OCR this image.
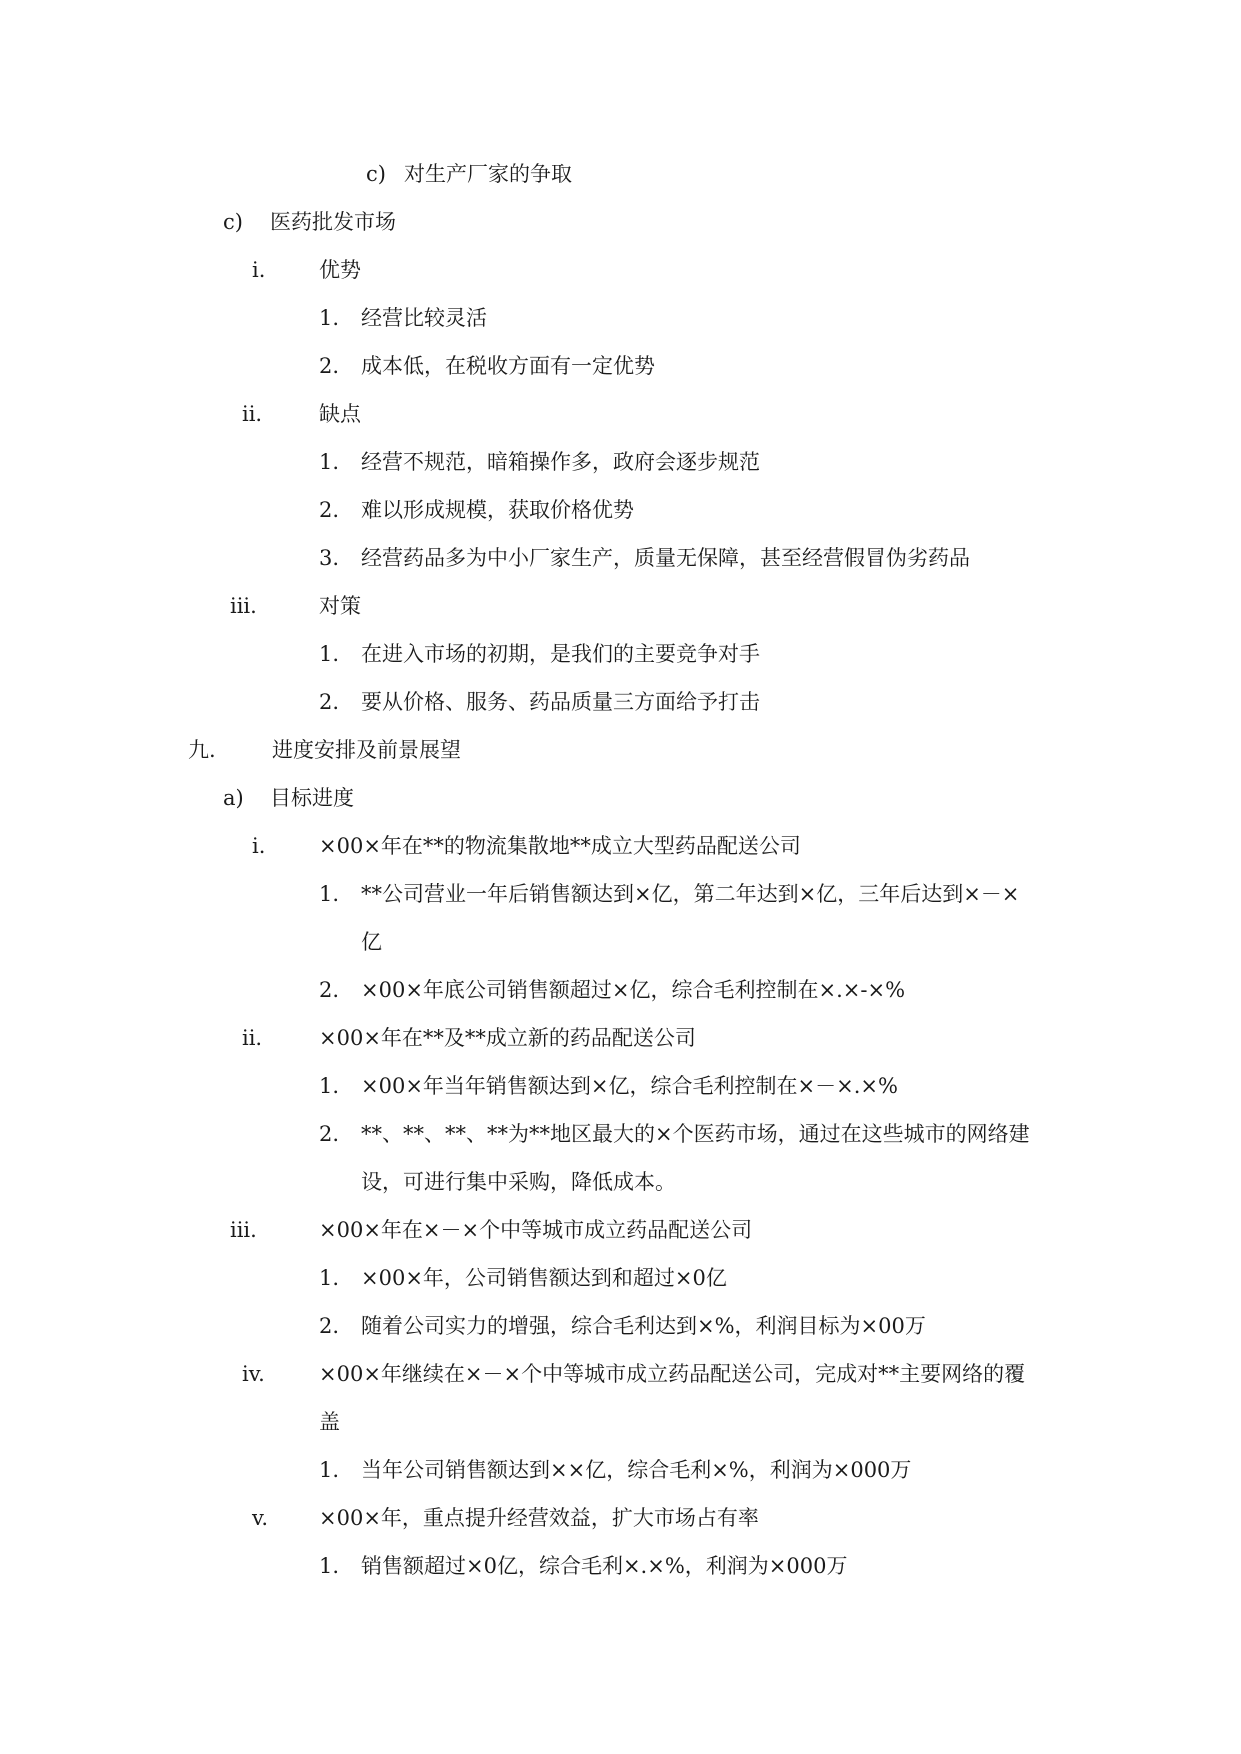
c) 对生产厂家的争取
c) 医药批发市场
i.	优势
1. 经营比较灵活
2. 成本低，在税收方面有一定优势
ii.	缺点
1. 经营不规范，暗箱操作多，政府会逐步规范
2. 难以形成规模，获取价格优势
3. 经营药品多为中小厂家生产，质量无保障，甚至经营假冒伪劣药品
iii.	对策
1. 在进入市场的初期，是我们的主要竞争对手
2. 要从价格、服务、药品质量三方面给予打击
九.	进度安排及前景展望
a) 目标进度
i.	×00×年在**的物流集散地**成立大型药品配送公司
1. **公司营业一年后销售额达到×亿，第二年达到×亿，三年后达到×－×
亿
2. ×00×年底公司销售额超过×亿，综合毛利控制在×.×-×%
ii.	×00×年在**及**成立新的药品配送公司
1. ×00×年当年销售额达到×亿，综合毛利控制在×－×.×%
2. **、**、**、**为**地区最大的×个医药市场，通过在这些城市的网络建
设，可进行集中采购，降低成本。
iii.	×00×年在×－×个中等城市成立药品配送公司
1. ×00×年，公司销售额达到和超过×0亿
2. 随着公司实力的增强，综合毛利达到×%，利润目标为×00万
iv.	×00×年继续在×－×个中等城市成立药品配送公司，完成对**主要网络的覆
盖
1. 当年公司销售额达到××亿，综合毛利×%，利润为×000万
v. ×00×年，重点提升经营效益，扩大市场占有率
1. 销售额超过×0亿，综合毛利×.×%，利润为×000万
